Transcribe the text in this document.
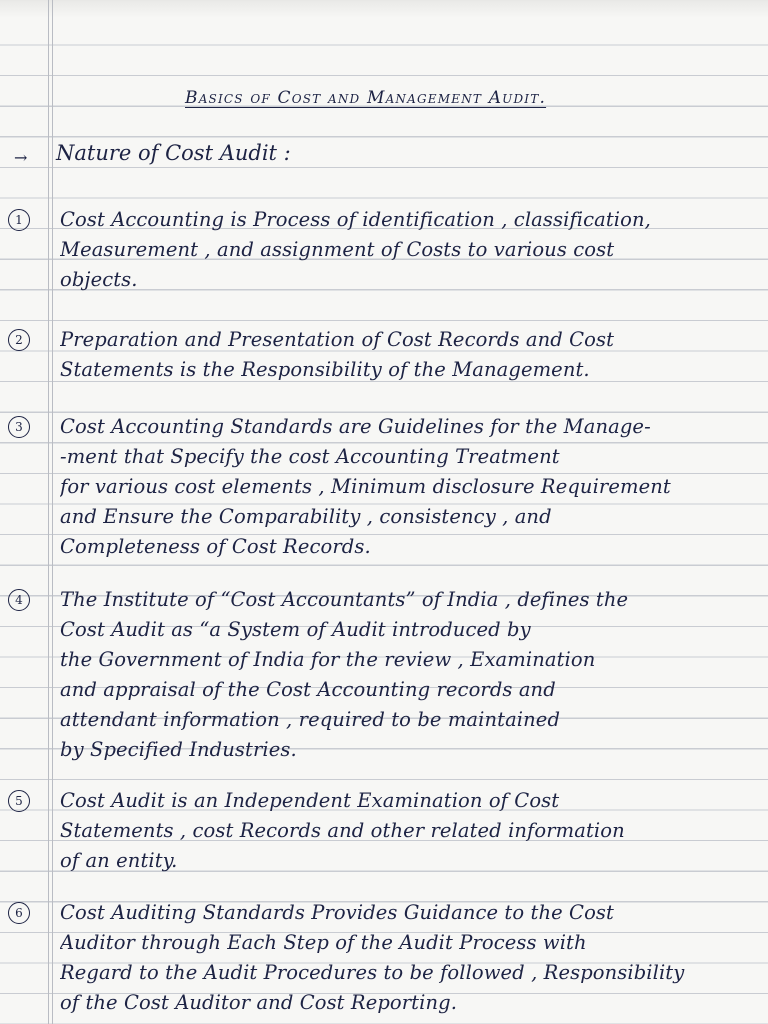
Basics of Cost and Management Audit.
→ Nature of Cost Audit :
1	Cost Accounting is Process of identification , classification,
Measurement , and assignment of Costs to various cost
objects.
2	Preparation and Presentation of Cost Records and Cost
Statements is the Responsibility of the Management.
3	Cost Accounting Standards are Guidelines for the Manage-
-ment that Specify the cost Accounting Treatment
for various cost elements , Minimum disclosure Requirement
and Ensure the Comparability , consistency , and
Completeness of Cost Records.
4	The Institute of “Cost Accountants” of India , defines the
Cost Audit as “a System of Audit introduced by
the Government of India for the review , Examination
and appraisal of the Cost Accounting records and
attendant information , required to be maintained
by Specified Industries.
5	Cost Audit is an Independent Examination of Cost
Statements , cost Records and other related information
of an entity.
6	Cost Auditing Standards Provides Guidance to the Cost
Auditor through Each Step of the Audit Process with
Regard to the Audit Procedures to be followed , Responsibility
of the Cost Auditor and Cost Reporting.
